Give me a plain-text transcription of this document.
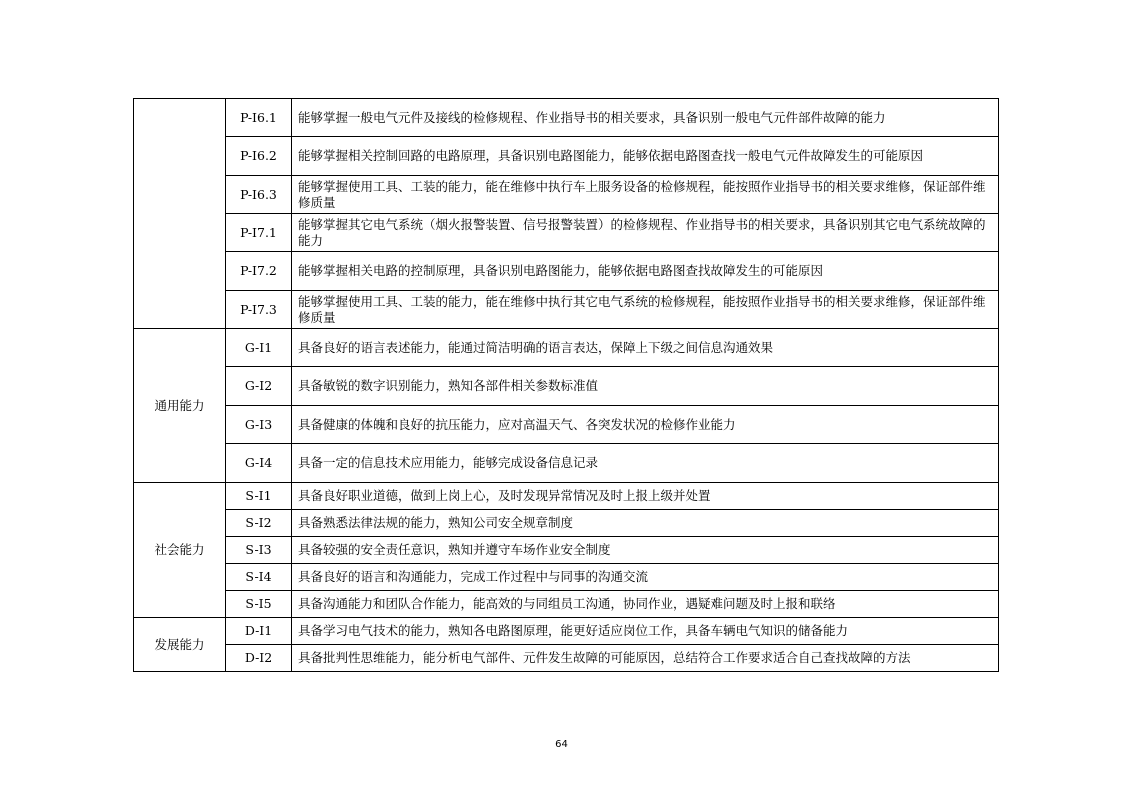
	P-I6.1	能够掌握一般电气元件及接线的检修规程、作业指导书的相关要求，具备识别一般电气元件部件故障的能力
	P-I6.2	能够掌握相关控制回路的电路原理，具备识别电路图能力，能够依据电路图查找一般电气元件故障发生的可能原因
	P-I6.3	能够掌握使用工具、工装的能力，能在维修中执行车上服务设备的检修规程，能按照作业指导书的相关要求维修，保证部件维修质量
	P-I7.1	能够掌握其它电气系统（烟火报警装置、信号报警装置）的检修规程、作业指导书的相关要求，具备识别其它电气系统故障的能力
	P-I7.2	能够掌握相关电路的控制原理，具备识别电路图能力，能够依据电路图查找故障发生的可能原因
	P-I7.3	能够掌握使用工具、工装的能力，能在维修中执行其它电气系统的检修规程，能按照作业指导书的相关要求维修，保证部件维修质量
通用能力	G-I1	具备良好的语言表述能力，能通过简洁明确的语言表达，保障上下级之间信息沟通效果
	G-I2	具备敏锐的数字识别能力，熟知各部件相关参数标准值
	G-I3	具备健康的体魄和良好的抗压能力，应对高温天气、各突发状况的检修作业能力
	G-I4	具备一定的信息技术应用能力，能够完成设备信息记录
社会能力	S-I1	具备良好职业道德，做到上岗上心，及时发现异常情况及时上报上级并处置
	S-I2	具备熟悉法律法规的能力，熟知公司安全规章制度
	S-I3	具备较强的安全责任意识，熟知并遵守车场作业安全制度
	S-I4	具备良好的语言和沟通能力，完成工作过程中与同事的沟通交流
	S-I5	具备沟通能力和团队合作能力，能高效的与同组员工沟通，协同作业，遇疑难问题及时上报和联络
发展能力	D-I1	具备学习电气技术的能力，熟知各电路图原理，能更好适应岗位工作，具备车辆电气知识的储备能力
	D-I2	具备批判性思维能力，能分析电气部件、元件发生故障的可能原因，总结符合工作要求适合自己查找故障的方法
64
